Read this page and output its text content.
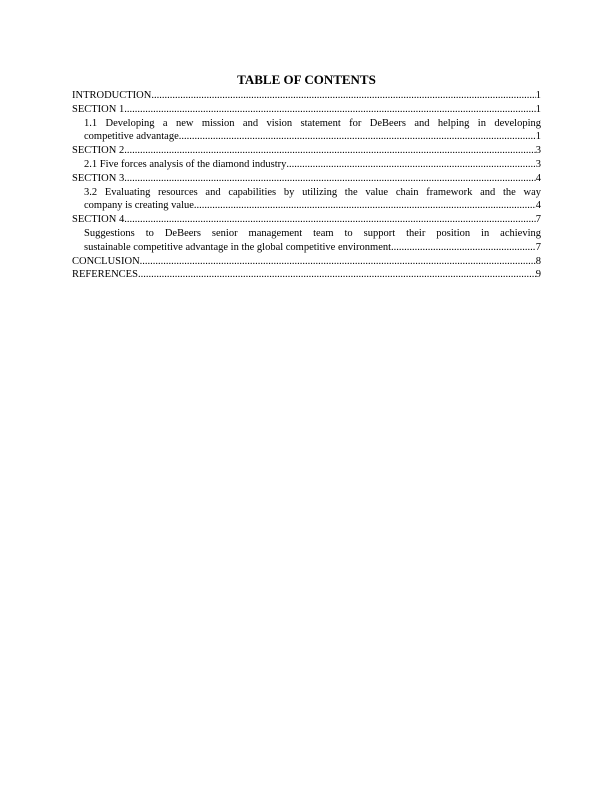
TABLE OF CONTENTS
INTRODUCTION .....	1
SECTION 1 .....	1
1.1 Developing a new mission and vision statement for DeBeers and helping in developing
competitive advantage .....	1
SECTION 2 .....	3
2.1 Five forces analysis of the diamond industry .....	3
SECTION 3 .....	4
3.2 Evaluating resources and capabilities by utilizing the value chain framework and the way
company is creating value .....	4
SECTION 4 .....	7
Suggestions to DeBeers senior management team to support their position in achieving
sustainable competitive advantage in the global competitive environment .....	7
CONCLUSION .....	8
REFERENCES .....	9
